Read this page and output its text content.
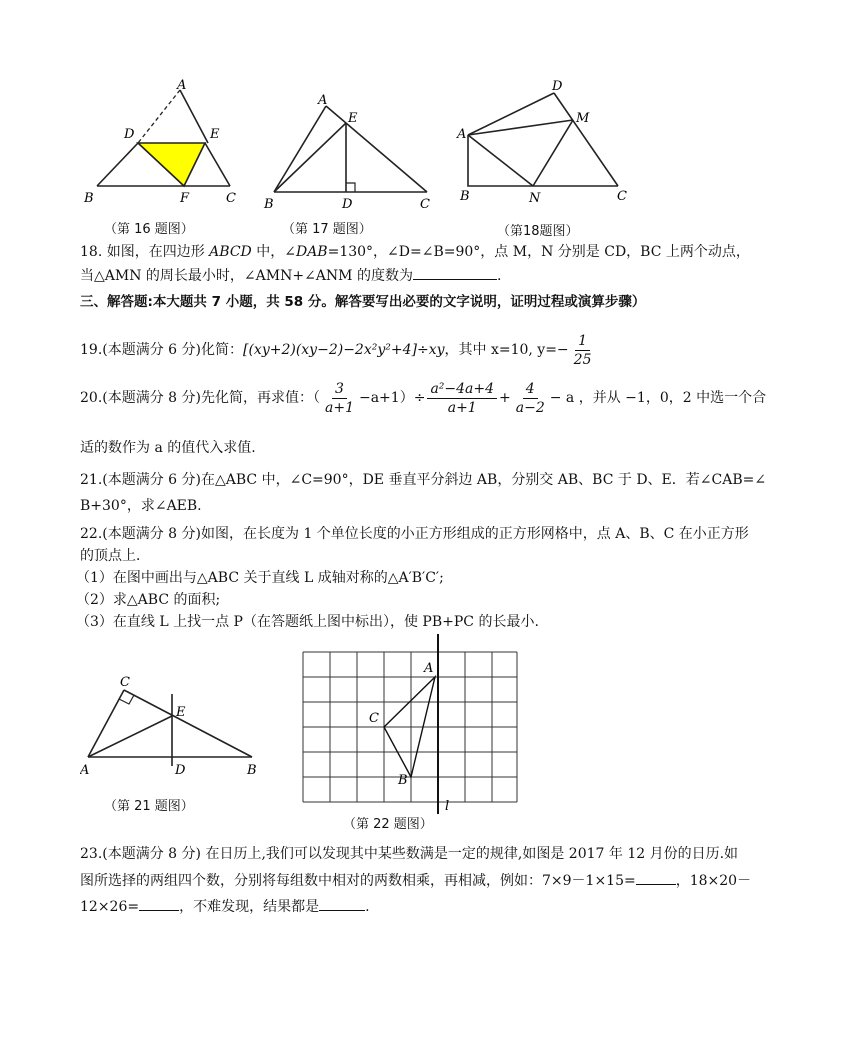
A
D	E
B	F	C
（第 16 题图）
A
E
B	D	C
（第 17 题图）
D
M
A
B	N	C
（第18题图）
18. 如图，在四边形 ABCD 中，∠DAB=130°，∠D=∠B=90°，点 M，N 分别是 CD，BC 上两个动点，
当△AMN 的周长最小时，∠AMN+∠ANM 的度数为	.
三、解答题:本大题共 7 小题，共 58 分。解答要写出必要的文字说明，证明过程或演算步骤）
19.(本题满分 6 分)化简：[(xy+2)(xy−2)−2x²y²+4]÷xy，其中 x=10, $y=- \frac{1}{25}$
20.(本题满分 8 分)先化简，再求值：（ $\frac{3}{a+1} -a+1)\div \frac{\text{a²−4a+4}}{a+1} + \frac{4}{a-2} - a$ ，并从 −1，0，2 中选一个合
适的数作为 a 的值代入求值.
21.(本题满分 6 分)在△ABC 中，∠C=90°，DE 垂直平分斜边 AB，分别交 AB、BC 于 D、E．若∠CAB=∠
B+30°，求∠AEB.
22.(本题满分 8 分)如图，在长度为 1 个单位长度的小正方形组成的正方形网格中，点 A、B、C 在小正方形
的顶点上．
（1）在图中画出与△ABC 关于直线 L 成轴对称的△A′B′C′;
（2）求△ABC 的面积;
（3）在直线 L 上找一点 P（在答题纸上图中标出），使 PB+PC 的长最小.
C
E
A	D	B
（第 21 题图）
A
C
B
l
（第 22 题图）
23.(本题满分 8 分) 在日历上,我们可以发现其中某些数满是一定的规律,如图是 2017 年 12 月份的日历.如
图所选择的两组四个数，分别将每组数中相对的两数相乘，再相减，例如：7×9－1×15=	，18×20－
12×26=	，不难发现，结果都是	.
